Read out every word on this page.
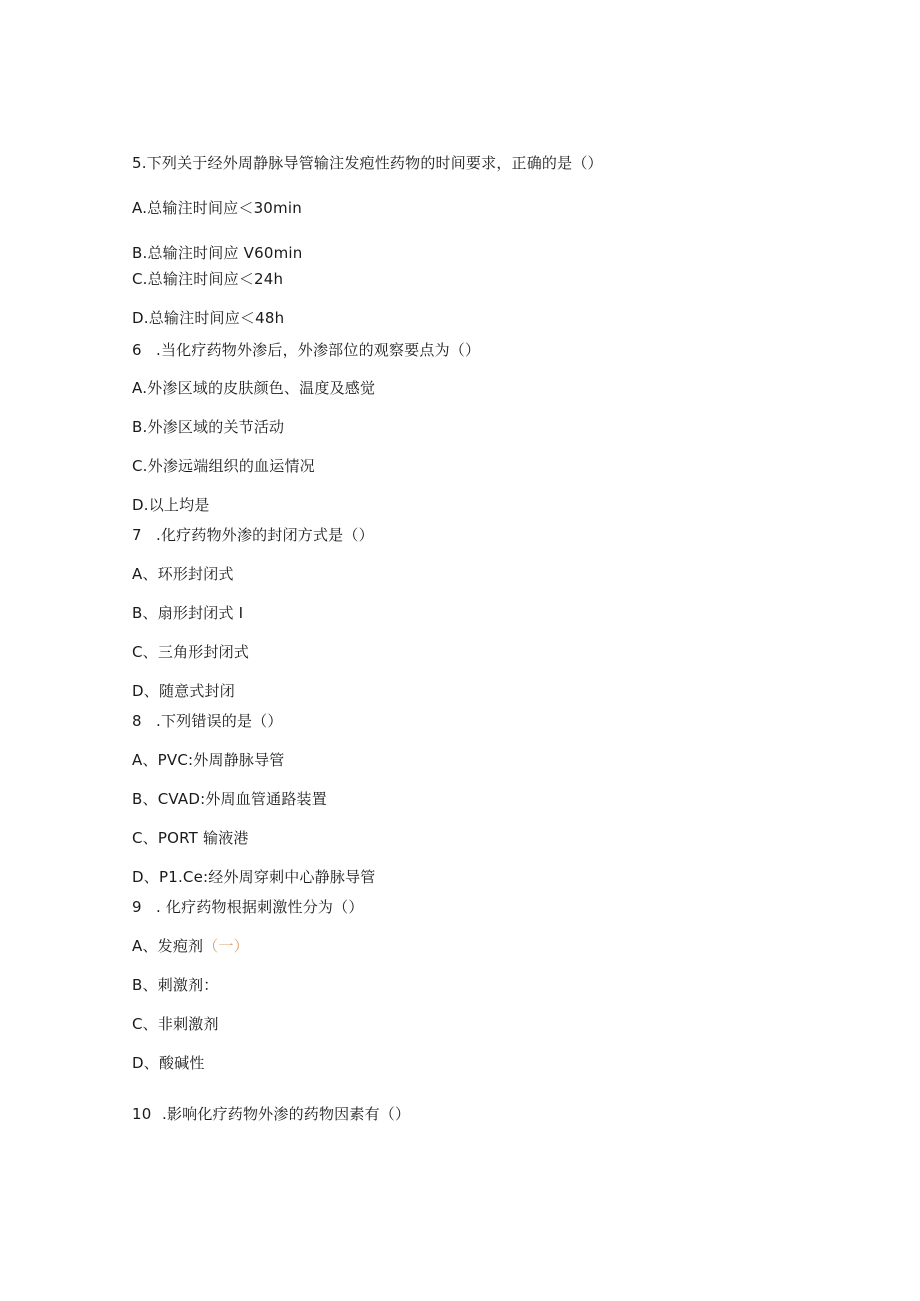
5.下列关于经外周静脉导管输注发疱性药物的时间要求，正确的是（）
A.总输注时间应＜30min
B.总输注时间应 V60min
C.总输注时间应＜24h
D.总输注时间应＜48h
6 .当化疗药物外渗后，外渗部位的观察要点为（）
A.外渗区域的皮肤颜色、温度及感觉
B.外渗区域的关节活动
C.外渗远端组织的血运情况
D.以上均是
7 .化疗药物外渗的封闭方式是（）
A、环形封闭式
B、扇形封闭式 I
C、三角形封闭式
D、随意式封闭
8 .下列错误的是（）
A、PVC:外周静脉导管
B、CVAD:外周血管通路装置
C、PORT 输液港
D、P1.Ce:经外周穿刺中心静脉导管
9 . 化疗药物根据刺激性分为（）
A、发疱剂（一）
B、刺激剂：
C、非刺激剂
D、酸碱性
10 .影响化疗药物外渗的药物因素有（）
